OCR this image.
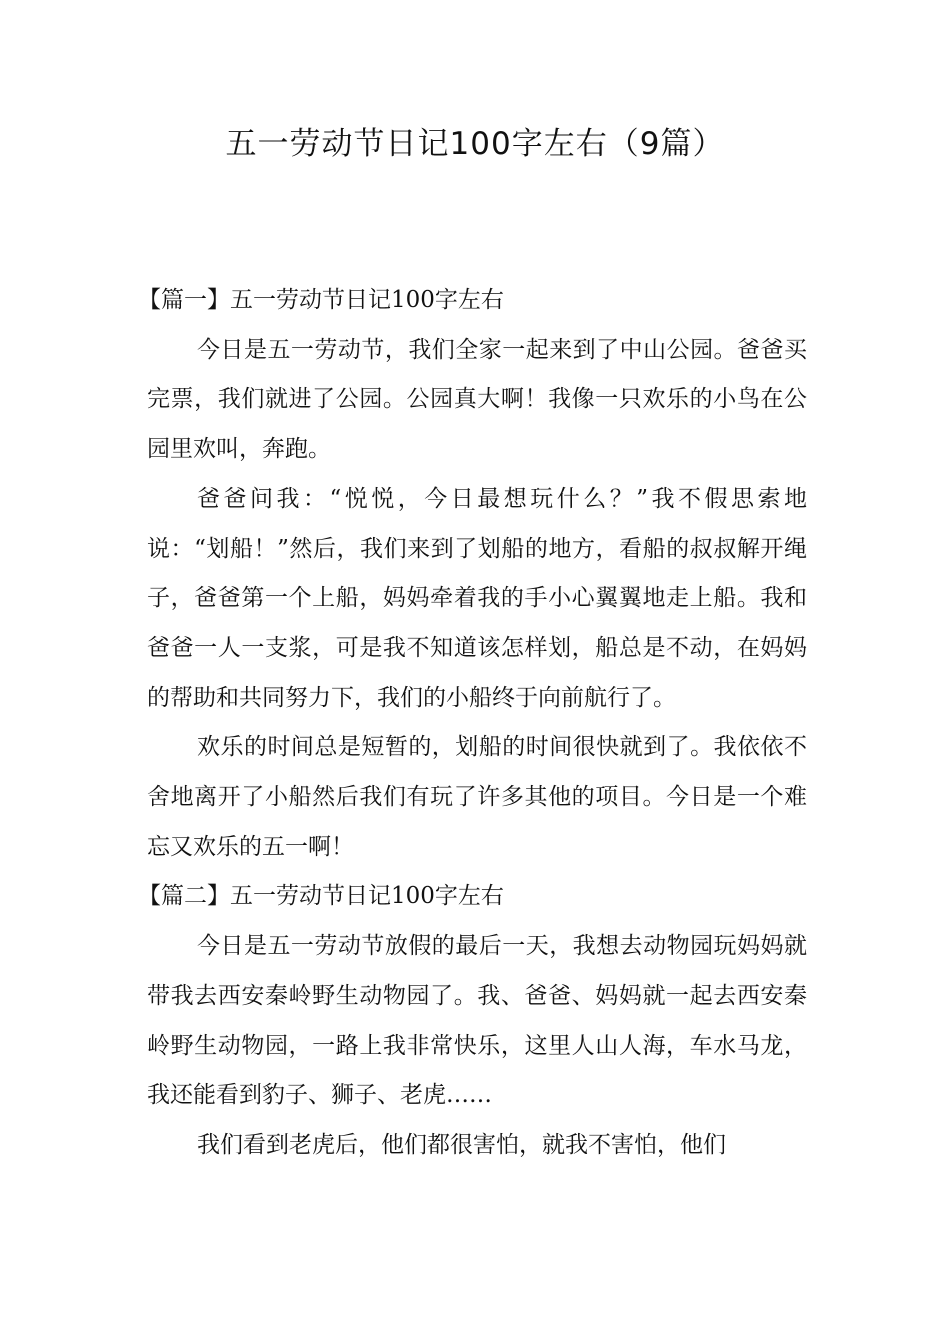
五一劳动节日记100字左右（9篇）

【篇一】五一劳动节日记100字左右

今日是五一劳动节，我们全家一起来到了中山公园。爸爸买完票，我们就进了公园。公园真大啊！我像一只欢乐的小鸟在公园里欢叫，奔跑。

爸爸问我：“悦悦，今日最想玩什么？”我不假思索地说：“划船！”然后，我们来到了划船的地方，看船的叔叔解开绳子，爸爸第一个上船，妈妈牵着我的手小心翼翼地走上船。我和爸爸一人一支浆，可是我不知道该怎样划，船总是不动，在妈妈的帮助和共同努力下，我们的小船终于向前航行了。

欢乐的时间总是短暂的，划船的时间很快就到了。我依依不舍地离开了小船然后我们有玩了许多其他的项目。今日是一个难忘又欢乐的五一啊！

【篇二】五一劳动节日记100字左右

今日是五一劳动节放假的最后一天，我想去动物园玩妈妈就带我去西安秦岭野生动物园了。我、爸爸、妈妈就一起去西安秦岭野生动物园，一路上我非常快乐，这里人山人海，车水马龙，我还能看到豹子、狮子、老虎……

我们看到老虎后，他们都很害怕，就我不害怕，他们
